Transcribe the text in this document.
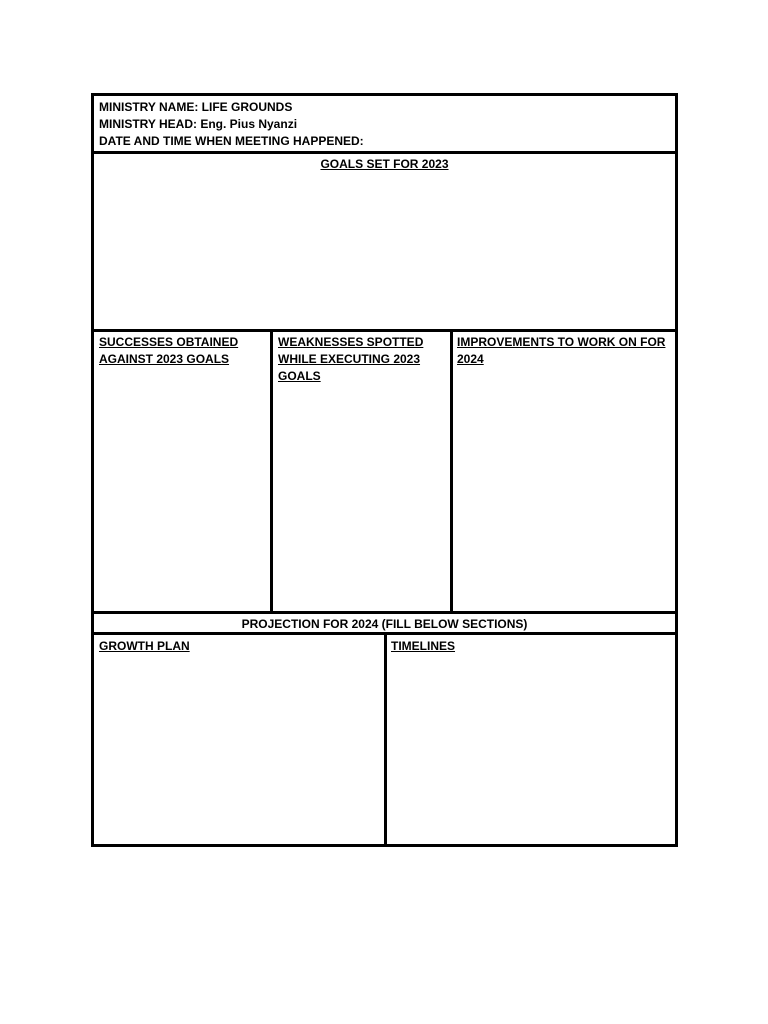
MINISTRY NAME: LIFE GROUNDS
MINISTRY HEAD: Eng. Pius Nyanzi
DATE AND TIME WHEN MEETING HAPPENED:
GOALS SET FOR 2023
SUCCESSES OBTAINED AGAINST 2023 GOALS
WEAKNESSES SPOTTED WHILE EXECUTING 2023 GOALS
IMPROVEMENTS TO WORK ON FOR 2024
PROJECTION FOR 2024 (FILL BELOW SECTIONS)
GROWTH PLAN	TIMELINES
